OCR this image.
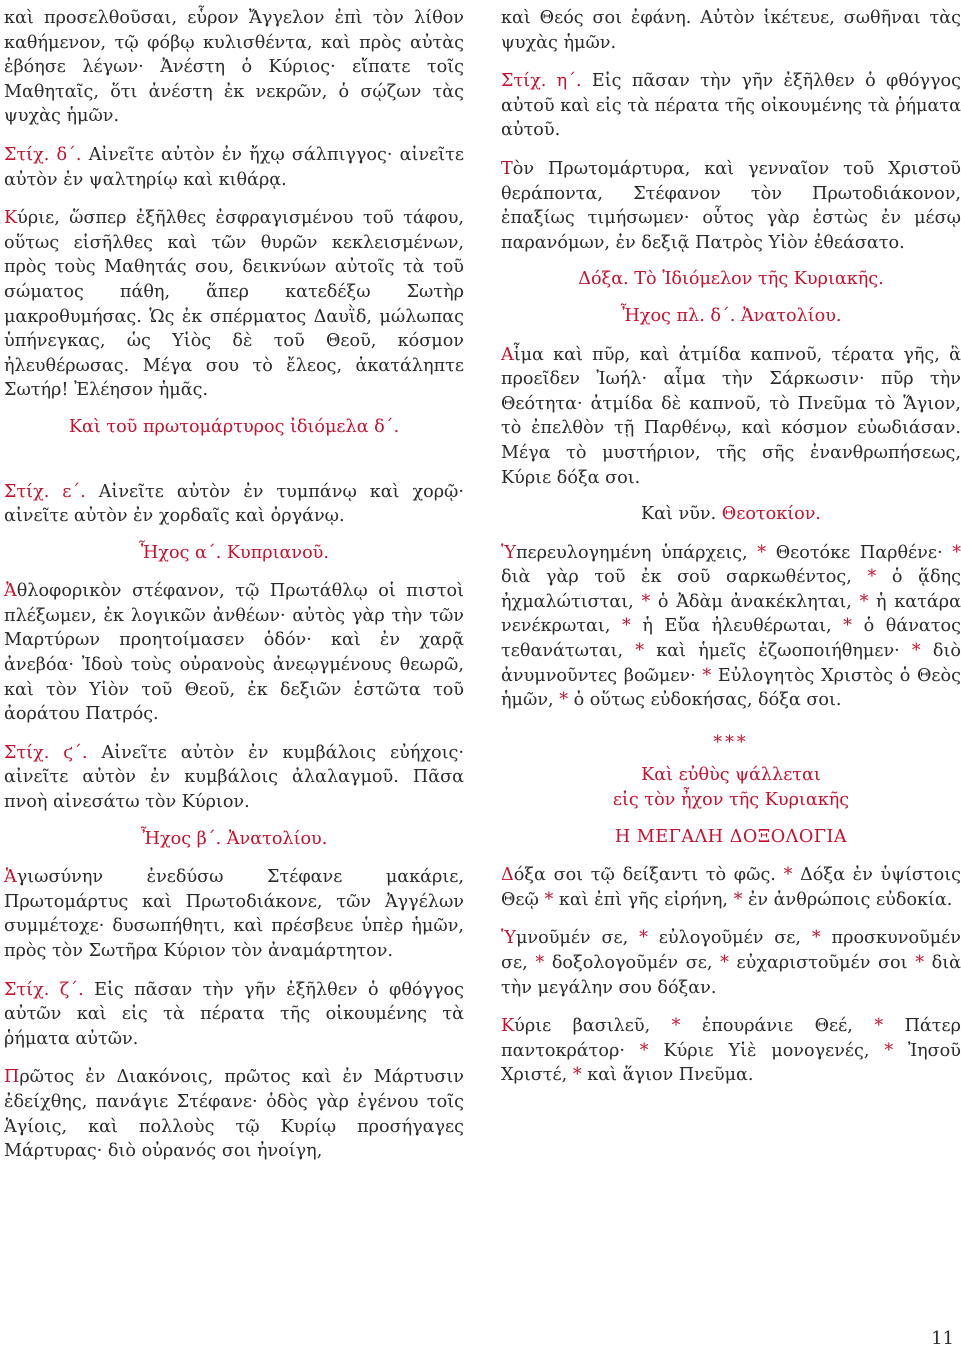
καὶ προσελθοῦσαι, εὗρον Ἄγγελον ἐπὶ τὸν λίθον καθήμενον, τῷ φόβῳ κυλισθέντα, καὶ πρὸς αὐτὰς ἐβόησε λέγων· Ἀνέστη ὁ Κύριος· εἴπατε τοῖς Μαθηταῖς, ὅτι ἀνέστη ἐκ νεκρῶν, ὁ σῴζων τὰς ψυχὰς ἡμῶν.

Στίχ. δ΄. Αἰνεῖτε αὐτὸν ἐν ἤχῳ σάλπιγγος· αἰνεῖτε αὐτὸν ἐν ψαλτηρίῳ καὶ κιθάρᾳ.

Κύριε, ὥσπερ ἐξῆλθες ἐσφραγισμένου τοῦ τάφου, οὕτως εἰσῆλθες καὶ τῶν θυρῶν κεκλεισμένων, πρὸς τοὺς Μαθητάς σου, δεικνύων αὐτοῖς τὰ τοῦ σώματος πάθη, ἅπερ κατεδέξω Σωτὴρ μακροθυμήσας. Ὡς ἐκ σπέρματος Δαυῒδ, μώλωπας ὑπήνεγκας, ὡς Υἱὸς δὲ τοῦ Θεοῦ, κόσμον ἠλευθέρωσας. Μέγα σου τὸ ἔλεος, ἀκατάληπτε Σωτήρ! Ἐλέησον ἡμᾶς.

Καὶ τοῦ πρωτομάρτυρος ἰδιόμελα δ΄.

Στίχ. ε΄. Αἰνεῖτε αὐτὸν ἐν τυμπάνῳ καὶ χορῷ· αἰνεῖτε αὐτὸν ἐν χορδαῖς καὶ ὀργάνῳ.

Ἦχος α΄. Κυπριανοῦ.

Ἀθλοφορικὸν στέφανον, τῷ Πρωτάθλῳ οἱ πιστοὶ πλέξωμεν, ἐκ λογικῶν ἀνθέων· αὐτὸς γὰρ τὴν τῶν Μαρτύρων προητοίμασεν ὁδόν· καὶ ἐν χαρᾷ ἀνεβόα· Ἰδοὺ τοὺς οὐρανοὺς ἀνεῳγμένους θεωρῶ, καὶ τὸν Υἱὸν τοῦ Θεοῦ, ἐκ δεξιῶν ἑστῶτα τοῦ ἀοράτου Πατρός.

Στίχ. ϛ΄. Αἰνεῖτε αὐτὸν ἐν κυμβάλοις εὐήχοις· αἰνεῖτε αὐτὸν ἐν κυμβάλοις ἀλαλαγμοῦ. Πᾶσα πνοὴ αἰνεσάτω τὸν Κύριον.

Ἦχος β΄. Ἀνατολίου.

Ἁγιωσύνην ἐνεδύσω Στέφανε μακάριε, Πρωτομάρτυς καὶ Πρωτοδιάκονε, τῶν Ἀγγέλων συμμέτοχε· δυσωπήθητι, καὶ πρέσβευε ὑπὲρ ἡμῶν, πρὸς τὸν Σωτῆρα Κύριον τὸν ἀναμάρτητον.

Στίχ. ζ΄. Εἰς πᾶσαν τὴν γῆν ἐξῆλθεν ὁ φθόγγος αὐτῶν καὶ εἰς τὰ πέρατα τῆς οἰκουμένης τὰ ῥήματα αὐτῶν.

Πρῶτος ἐν Διακόνοις, πρῶτος καὶ ἐν Μάρτυσιν ἐδείχθης, πανάγιε Στέφανε· ὁδὸς γὰρ ἐγένου τοῖς Ἁγίοις, καὶ πολλοὺς τῷ Κυρίῳ προσήγαγες Μάρτυρας· διὸ οὐρανός σοι ἠνοίγη,

καὶ Θεός σοι ἐφάνη. Αὐτὸν ἱκέτευε, σωθῆναι τὰς ψυχὰς ἡμῶν.

Στίχ. η΄. Εἰς πᾶσαν τὴν γῆν ἐξῆλθεν ὁ φθόγγος αὐτοῦ καὶ εἰς τὰ πέρατα τῆς οἰκουμένης τὰ ῥήματα αὐτοῦ.

Τὸν Πρωτομάρτυρα, καὶ γενναῖον τοῦ Χριστοῦ θεράποντα, Στέφανον τὸν Πρωτοδιάκονον, ἐπαξίως τιμήσωμεν· οὗτος γὰρ ἑστὼς ἐν μέσῳ παρανόμων, ἐν δεξιᾷ Πατρὸς Υἱὸν ἐθεάσατο.

Δόξα. Τὸ Ἰδιόμελον τῆς Κυριακῆς.

Ἦχος πλ. δ΄. Ἀνατολίου.

Αἷμα καὶ πῦρ, καὶ ἀτμίδα καπνοῦ, τέρατα γῆς, ἃ προεῖδεν Ἰωήλ· αἷμα τὴν Σάρκωσιν· πῦρ τὴν Θεότητα· ἀτμίδα δὲ καπνοῦ, τὸ Πνεῦμα τὸ Ἅγιον, τὸ ἐπελθὸν τῇ Παρθένῳ, καὶ κόσμον εὐωδιάσαν. Μέγα τὸ μυστήριον, τῆς σῆς ἐνανθρωπήσεως, Κύριε δόξα σοι.

Καὶ νῦν. Θεοτοκίον.

Ὑπερευλογημένη ὑπάρχεις, * Θεοτόκε Παρθένε· * διὰ γὰρ τοῦ ἐκ σοῦ σαρκωθέντος, * ὁ ᾅδης ἠχμαλώτισται, * ὁ Ἀδὰμ ἀνακέκληται, * ἡ κατάρα νενέκρωται, * ἡ Εὔα ἠλευθέρωται, * ὁ θάνατος τεθανάτωται, * καὶ ἡμεῖς ἐζωοποιήθημεν· * διὸ ἀνυμνοῦντες βοῶμεν· * Εὐλογητὸς Χριστὸς ὁ Θεὸς ἡμῶν, * ὁ οὕτως εὐδοκήσας, δόξα σοι.

***

Καὶ εὐθὺς ψάλλεται

εἰς τὸν ἦχον τῆς Κυριακῆς

Η ΜΕΓΑΛΗ ΔΟΞΟΛΟΓΙΑ

Δόξα σοι τῷ δείξαντι τὸ φῶς. * Δόξα ἐν ὑψίστοις Θεῷ * καὶ ἐπὶ γῆς εἰρήνη, * ἐν ἀνθρώποις εὐδοκία.

Ὑμνοῦμέν σε, * εὐλογοῦμέν σε, * προσκυνοῦμέν σε, * δοξολογοῦμέν σε, * εὐχαριστοῦμέν σοι * διὰ τὴν μεγάλην σου δόξαν.

Κύριε βασιλεῦ, * ἐπουράνιε Θεέ, * Πάτερ παντοκράτορ· * Κύριε Υἱὲ μονογενές, * Ἰησοῦ Χριστέ, * καὶ ἅγιον Πνεῦμα.

11
